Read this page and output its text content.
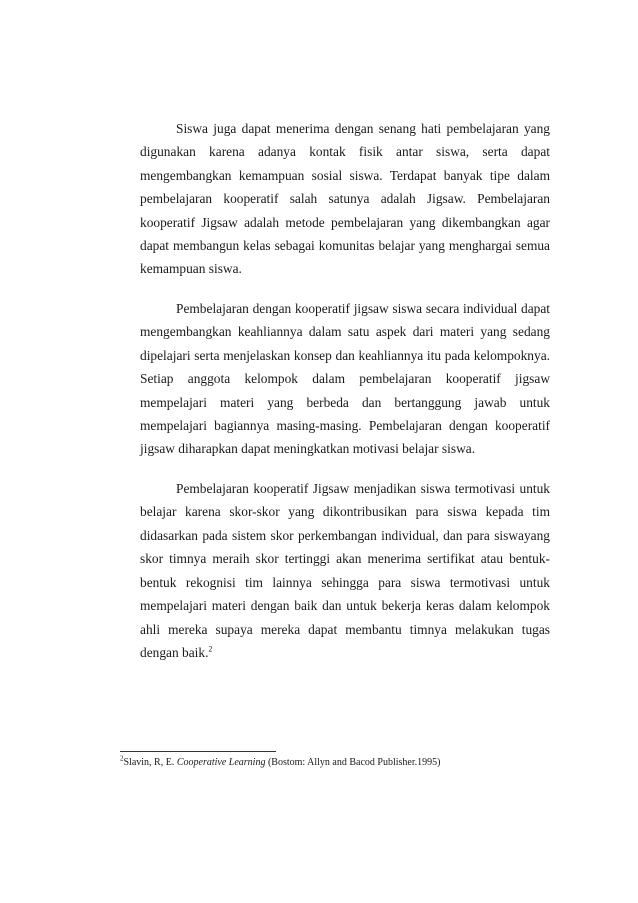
Siswa juga dapat menerima dengan senang hati pembelajaran yang digunakan karena adanya kontak fisik antar siswa, serta dapat mengembangkan kemampuan sosial siswa. Terdapat banyak tipe dalam pembelajaran kooperatif salah satunya adalah Jigsaw. Pembelajaran kooperatif Jigsaw adalah metode pembelajaran yang dikembangkan agar dapat membangun kelas sebagai komunitas belajar yang menghargai semua kemampuan siswa.

Pembelajaran dengan kooperatif jigsaw siswa secara individual dapat mengembangkan keahliannya dalam satu aspek dari materi yang sedang dipelajari serta menjelaskan konsep dan keahliannya itu pada kelompoknya. Setiap anggota kelompok dalam pembelajaran kooperatif jigsaw mempelajari materi yang berbeda dan bertanggung jawab untuk mempelajari bagiannya masing-masing. Pembelajaran dengan kooperatif jigsaw diharapkan dapat meningkatkan motivasi belajar siswa.

Pembelajaran kooperatif Jigsaw menjadikan siswa termotivasi untuk belajar karena skor-skor yang dikontribusikan para siswa kepada tim didasarkan pada sistem skor perkembangan individual, dan para siswayang skor timnya meraih skor tertinggi akan menerima sertifikat atau bentuk-bentuk rekognisi tim lainnya sehingga para siswa termotivasi untuk mempelajari materi dengan baik dan untuk bekerja keras dalam kelompok ahli mereka supaya mereka dapat membantu timnya melakukan tugas dengan baik.$^2$

$^2$Slavin, R, E. Cooperative Learning (Bostom: Allyn and Bacod Publisher.1995)
